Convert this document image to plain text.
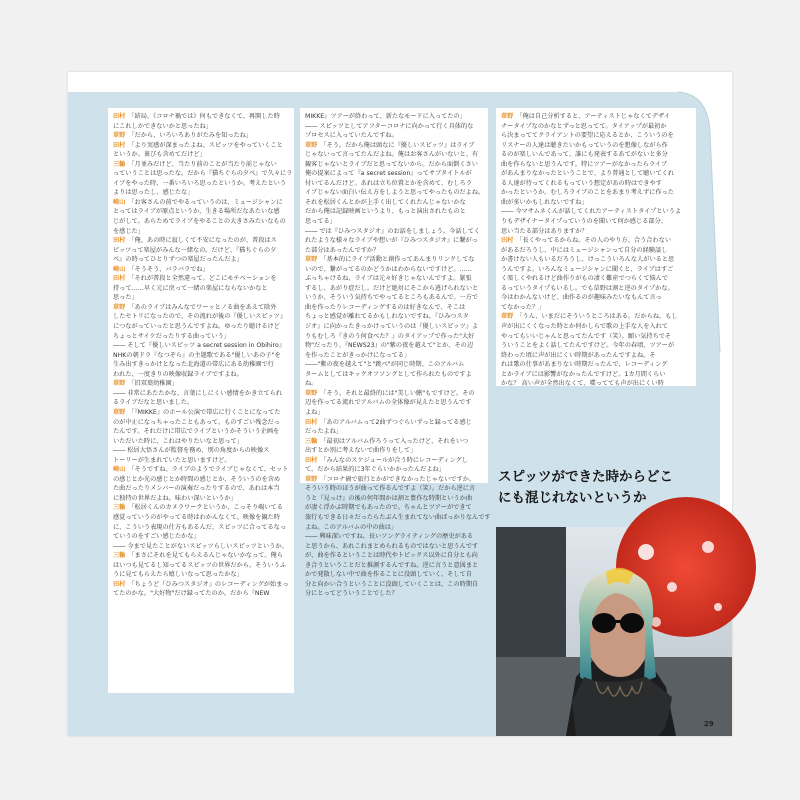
田村 「結局、《コロナ禍では》何もできなくて、再開した時
にこれしかできないかと思ったね」
草野 「だから、いろいろありがたみを知ったね」
田村 「より実感が深まったよね。スピッツをやっていくこと
というか。裏びも含めてだけど」
三輪 「月並みだけど、当たり前のことが当たり前じゃない
っていうことは思ったな。だから『猫ちぐらの夕べ』で久々にラ
イブをやった時、一番いろいろ思ったというか。考えたという
よりは思ったし、感じたな」
崎山 「お客さんの前でやるっていうのは、ミュージシャンに
とってはライブが原点というか、生きる場所だなあたいな感
じがして。あらためてライブをやることの大きさみたいなもの
を感じた」
田村 「俺、あの時に寂しくて不安になったのが、普段はス
ピッツって楽屋がみんな一緒なの。だけど、『猫ちぐらの夕
べ』の時ってひとりずつの楽屋だったんだよ」
崎山 「そうそう、バラバラでね」
田村 「それが普段と全然違って。どこにモチベーションを
持って……早く元に戻って一緒の楽屋にならないかなと
思った」
草野 「あのライブはみんなでワーッとノる曲をあえて除外
したセトリになったので、その流れが後の『優しいスピッツ』
につながっていったと思うんですよね。ゆったり聴けるけど
ちょっとサイケだったりする曲っていう」
―― そして『優しいスピッツ a secret session in Obihiro』
NHKの朝ドラ『なつぞら』の主題歌である"優しいあの子"を
生み出すきっかけとなった北海道の帯広にある幼稚園で行
われた、一度きりの映像収録ライブですよね。
草野 「旧双葉幼稚園」
―― 非常にあたたかな、言葉にしにくい感情をかき立てられ
るライブだなと思いました。
草野 「『MIKKE』のホール公演で帯広に行くことになってた
のが中止になっちゃったこともあって、ものすごい残念だっ
たんです。それだけに帯広でライブというかそういう企画を
いただいた時に、これはやりたいなと思って」
―― 松居大悟さんが監督を務め、別の角度からの映像ス
トーリーが生まれていたと思いますけど。
崎山 「そうですね、ライブのようでライブじゃなくて、セット
の感じとか光の感じとか時間の感じとか、そういうのを含め
た曲だったりメンバーの演奏だったりするので、あれは本当
に独特の世界だよね。味わい深いというか」
三輪 「松居くんのカメラワークというか、こっそり覗いてる
感覚っていうのがやってる時はわかんなくて。映像を観た時
に、こういう表現の仕方もあるんだ、スピッツに合ってるなっ
ていうのをすごい感じたかな」
―― 今まで見たことがないスピッツらしいスピッツというか。
三輪 「まさにそれを見てもらえるんじゃないかなって。俺ら
はいつも見てるし知ってるスピッツの世界だから。そういうふ
うに見てもらえたら嬉しいなって思ったかな」
田村 「ちょうど『ひみつスタジオ』のレコーディングが始まっ
てたのかな。"大好物"だけ録ってたのか。だから『NEW
MIKKE』ツアーが終わって、新たなモードに入ってたの」
―― スピッツとしてアフターコロナに向かって行く具体的な
プロセスに入っていたんですね。
草野 「そう。だから俺は頭なに『優しいスピッツ』はライブ
じゃないって言ってたんだよね。俺はお客さんがいないと、有
観客じゃないとライブだと思ってないから。だから面倒くさい
俺の提案によって『a secret session』ってサブタイトルが
付いてるんだけど。あれは立ち位置とかを含めて、むしろラ
イブじゃない面白い伝え方をしようと思ってやったものだよね。
それを松居くんとかが上手く出してくれたんじゃないかな
だから俺は記録映画というより、もっと演出されたものと
思ってる」
―― では『ひみつスタジオ』のお話をしましょう。今話してく
れたような様々なライブや想いが『ひみつスタジオ』に繋がっ
た部分はあったんですか？
草野 「基本的にライブ活動と創作ってあんまりリンクしてな
いので、繋がってるのかどうかはわからないですけど。……
ぶっちゃけるね、ライブは元々好きじゃないんですよ。緊張
するし、あがり症だし。だけど絶対にそこから逃げられないと
いうか、そういう気持ちでやってるところもあるんで。一方で
曲を作ったりレコーディングするのは好きなんで、そこは
ちょっと感覚が離れてるかもしれないですね。『ひみつスタ
ジオ』に向かったきっかけっていうのは『優しいスピッツ』よ
りもむしろ『きのう何食べた？』のタイアップで作った"大好
物"だったり、『NEWS23』の"紫の夜を越えて"とか、その辺
を作ったことがきっかけになってる」
――"紫の夜を越えて"と"跳べ"が同じ時期、このアルバム
タームとしてはキックオフソングとして作られたものですよ
ね。
草野 「そう。それと最終的には"美しい鰭"もですけど。その
辺を作ってる流れでアルバムの全体像が見えたと思うんです
よね」
田村 「あのアルバムって2曲ずつぐらいずっと録ってる感じ
だったよね」
三輪 「最初はアルバム作ろうって入ったけど、それをいつ
出すとか別に考えないで曲作りをして」
田村 「みんなのスケジュールが合う時にレコーディングし
て。だから結果的に3年ぐらいかかったんだよね」
草野 「コロナ禍で旅行とかができなかったじゃないですか。
そういう時のほうが曲って作るんですよ（笑）。だから逆に言
うと『見っけ』の後の何年間かは割と豊作な時期というか曲
が凄く浮かぶ時期でもあったので。ちゃんとツアーができて
旅行もできる日々だったらたぶん生まれてない曲ばっかりなんです
よね。このアルバムの中の曲は」
―― 興味深いですね。長いソングライティングの歴史がある
と思うから、あれこれまとめられるものではないと思うんです
が、曲を作るということは時代やトピックス以外に自分とも向
き合うということだと推測するんですね。逆に言うと意図まと
かで発散しない中で曲を作ることに没頭していく、そして自
分と向かい合うということに没頭していくことは、この時期自
分にとってどういうことでした？
草野 「俺は自己分析すると、アーティストじゃなくてデザイ
ナータイプなのかなとずっと思ってて。タイアップが最初か
ら決まっててクライアントの要望に応えるとか、こういうのを
リスナーの人達は聴きたいかもっていうのを想像しながら作
るのが楽しいんであって、誰にも発表するあてがないと多分
曲を作らないと思うんです。特にツアーがなかったらライブ
があんまりなかったということで、より普通として聴いてくれ
る人達が待ってくれるもっていう想定があの時はできやす
かったというか。むしろライブのことをあまり考えずに作った
曲が多いかもしれないですね」
―― 今マサムネくんが話してくれたアーティストタイプというよ
りもデザイナータイプっていうのを聞いて何か感じる部分、
思い当たる部分はありますか？
田村 「長くやってるからね。その人のやり方、合う合わない
があるだろうし、中にはミュージシャンって自分の経験談し
か書けない人もいるだろうし、けっこういろんな人がいると思
うんですよ。いろんなミュージシャンに聞くと、ライブはすご
く楽しくやれるけど曲作りがもの凄く難産でつらくて悩んで
るっていうタイプもいるし。でも草野は割と逆のタイプかな。
今はわかんないけど、曲作るのが趣味みたいなもんて言っ
てなかった？」
草野 「うん、いまだにそういうところはある。だからね、もし
声が出にくくなった時とか何かしらで歌の上手な人を入れて
やってもいいじゃんと思ってたんです（笑）。願い気持ちでそ
ういうことをよく話してたんですけど。今年の春頃、ツアーが
終わった頃に声が出にくい時期があったんですよね。そ
れは歌の仕事があまりない時期だったんで、レコーディング
とかライブには影響がなかったんですけど。1カ月間くらい
かな？ 高い声が全然出なくて、喋ってても声が出にくい時
スピッツができた時からどこ
にも混じれないというか
29
